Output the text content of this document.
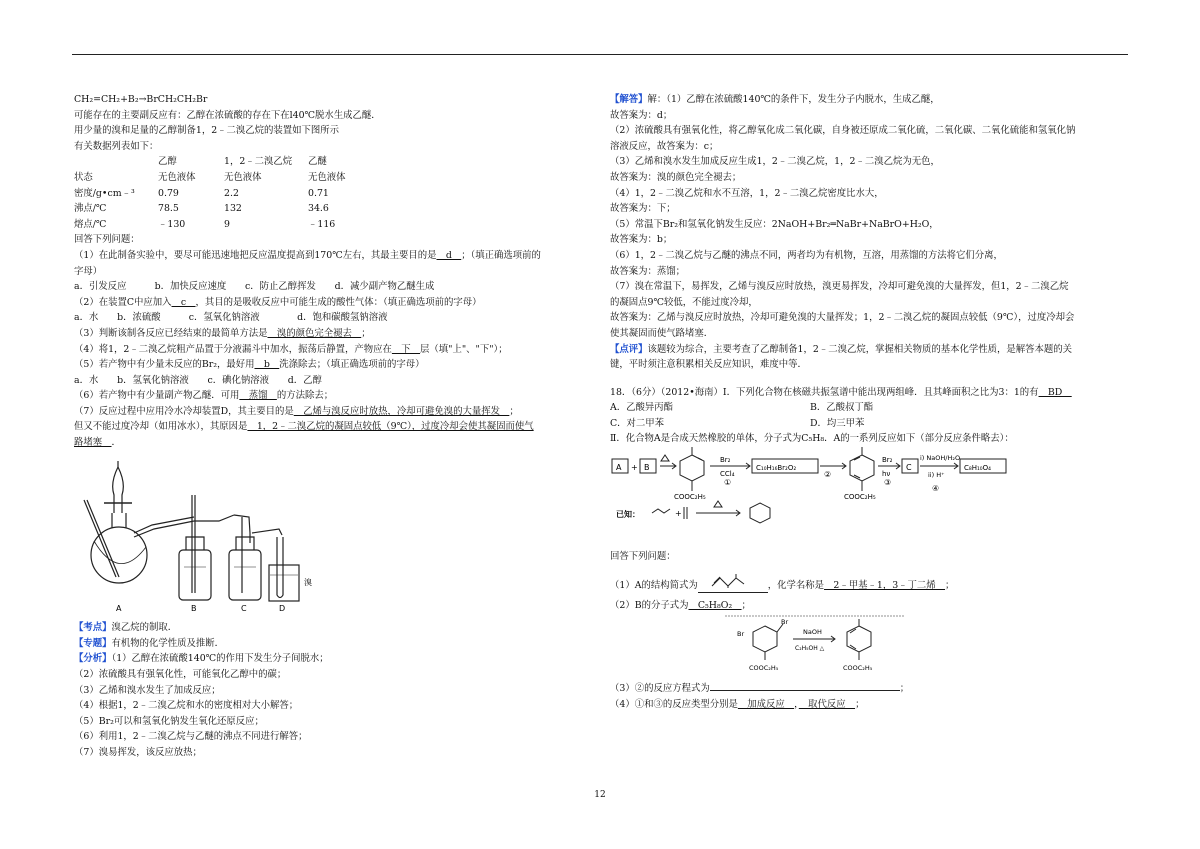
CH₂=CH₂+B₂→BrCH₂CH₂Br
可能存在的主要副反应有：乙醇在浓硫酸的存在下在l40℃脱水生成乙醚．
用少量的溴和足量的乙醇制备1，2﹣二溴乙烷的装置如下图所示
有关数据列表如下：
	乙醇	1，2﹣二溴乙烷	乙醚
状态	无色液体	无色液体	无色液体
密度/g•cm﹣³	0.79	2.2	0.71
沸点/℃	78.5	132	34.6
熔点/℃	﹣130	9	﹣116
回答下列问题：
（1）在此制备实验中，要尽可能迅速地把反应温度提高到170℃左右，其最主要目的是　d　；（填正确选项前的
字母）
a．引发反应　　　b．加快反应速度　　c．防止乙醇挥发　　d．减少副产物乙醚生成
（2）在装置C中应加入　c　，其目的是吸收反应中可能生成的酸性气体：（填正确选项前的字母）
a．水　　b．浓硫酸　　　c．氢氧化钠溶液　　　　d．饱和碳酸氢钠溶液
（3）判断该制各反应已经结束的最简单方法是　溴的颜色完全褪去　；
（4）将1，2﹣二溴乙烷粗产品置于分液漏斗中加水，振荡后静置，产物应在　下　层（填"上"、"下"）；
（5）若产物中有少量未反应的Br₂，最好用　b　洗涤除去；（填正确选项前的字母）
a．水　　b．氢氧化钠溶液　　c．碘化钠溶液　　d．乙醇
（6）若产物中有少量副产物乙醚．可用　蒸馏　的方法除去；
（7）反应过程中应用冷水冷却装置D，其主要目的是　乙烯与溴反应时放热，冷却可避免溴的大量挥发　；
但又不能过度冷却（如用冰水），其原因是　1，2﹣二溴乙烷的凝固点较低（9℃），过度冷却会使其凝固而使气
路堵塞　．
A	B	C	D
溴
【考点】溴乙烷的制取．
【专题】有机物的化学性质及推断．
【分析】（1）乙醇在浓硫酸140℃的作用下发生分子间脱水；
（2）浓硫酸具有强氧化性，可能氧化乙醇中的碳；
（3）乙烯和溴水发生了加成反应；
（4）根据1，2﹣二溴乙烷和水的密度相对大小解答；
（5）Br₂可以和氢氧化钠发生氧化还原反应；
（6）利用1，2﹣二溴乙烷与乙醚的沸点不同进行解答；
（7）溴易挥发，该反应放热；
【解答】解：（1）乙醇在浓硫酸140℃的条件下，发生分子内脱水，生成乙醚，
故答案为：d；
（2）浓硫酸具有强氧化性，将乙醇氧化成二氧化碳，自身被还原成二氧化硫，二氧化碳、二氧化硫能和氢氧化钠
溶液反应，故答案为：c；
（3）乙烯和溴水发生加成反应生成1，2﹣二溴乙烷，1，2﹣二溴乙烷为无色，
故答案为：溴的颜色完全褪去；
（4）1，2﹣二溴乙烷和水不互溶，1，2﹣二溴乙烷密度比水大，
故答案为：下；
（5）常温下Br₂和氢氧化钠发生反应：2NaOH+Br₂═NaBr+NaBrO+H₂O，
故答案为：b；
（6）1，2﹣二溴乙烷与乙醚的沸点不同，两者均为有机物，互溶，用蒸馏的方法将它们分离，
故答案为：蒸馏；
（7）溴在常温下，易挥发，乙烯与溴反应时放热，溴更易挥发，冷却可避免溴的大量挥发，但1，2﹣二溴乙烷
的凝固点9℃较低，不能过度冷却，
故答案为：乙烯与溴反应时放热，冷却可避免溴的大量挥发；1，2﹣二溴乙烷的凝固点较低（9℃），过度冷却会
使其凝固而使气路堵塞．
【点评】该题较为综合，主要考查了乙醇制备1，2﹣二溴乙烷，掌握相关物质的基本化学性质，是解答本题的关
键，平时须注意积累相关反应知识，难度中等．
18．（6分）（2012•海南）Ⅰ．下列化合物在核磁共振氢谱中能出现两组峰．且其峰面积之比为3：1的有　BD　
A．乙酸异丙酯	B．乙酸叔丁酯
C．对二甲苯	D．均三甲苯
Ⅱ．化合物A是合成天然橡胶的单体，分子式为C₅H₈．A的一系列反应如下（部分反应条件略去）：
A + B
COOC₂H₅
Br₂
CCl₄
①
C₁₀H₁₆Br₂O₂
②
COOC₂H₅
Br₂
hν
③
C
i) NaOH/H₂O
ii) H⁺
④
C₈H₁₀O₄
已知：	+
回答下列问题：
（1）A的结构简式为	，化学名称是　2﹣甲基﹣1，3﹣丁二烯　；
（2）B的分子式为　C₅H₈O₂　；
Br
Br	NaOH
C₂H₅OH △
COOC₂H₅	COOC₂H₅
（3）②的反应方程式为	；
（4）①和③的反应类型分别是　加成反应　，　取代反应　；
12
